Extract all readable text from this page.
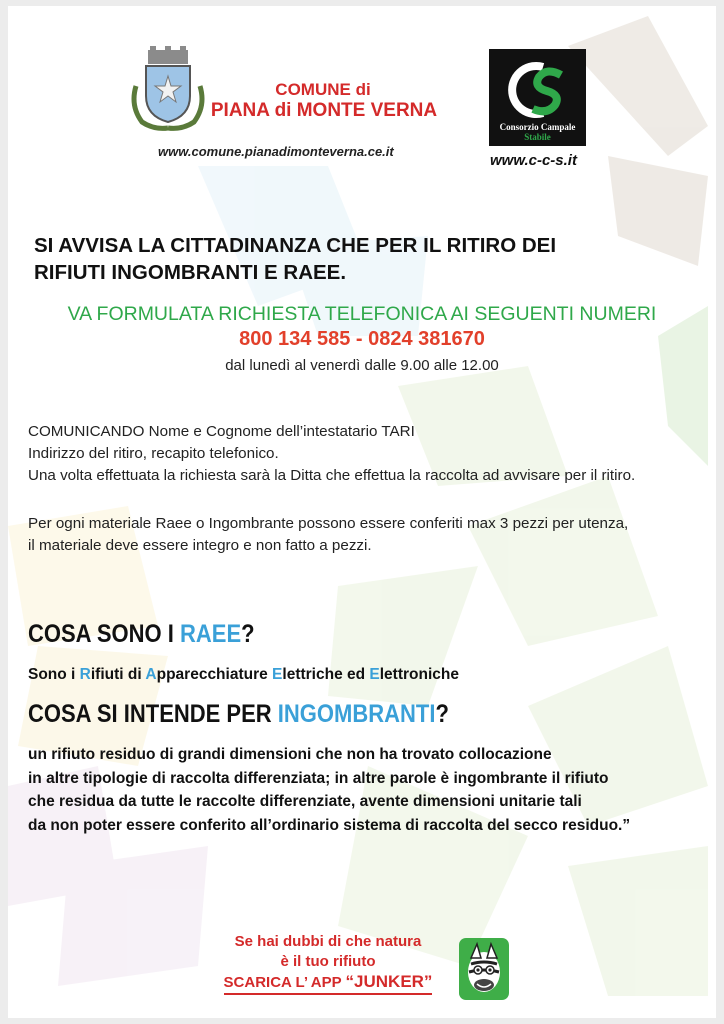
COMUNE di
PIANA di MONTE VERNA
www.comune.pianadimonteverna.ce.it
Consorzio Campale Stabile
www.c-c-s.it
SI AVVISA LA CITTADINANZA CHE PER IL RITIRO DEI
RIFIUTI INGOMBRANTI E RAEE.
VA FORMULATA RICHIESTA TELEFONICA AI SEGUENTI NUMERI
800 134 585 - 0824 381670
dal lunedì al venerdì dalle 9.00 alle 12.00
COMUNICANDO Nome e Cognome dell’intestatario TARI
Indirizzo del ritiro, recapito telefonico.
Una volta effettuata la richiesta sarà la Ditta che effettua la raccolta ad avvisare per il ritiro.
Per ogni materiale Raee o Ingombrante possono essere conferiti max 3 pezzi per utenza,
il materiale deve essere integro e non fatto a pezzi.
COSA SONO I RAEE?
Sono i Rifiuti di Apparecchiature Elettriche ed Elettroniche
COSA SI INTENDE PER INGOMBRANTI?
un rifiuto residuo di grandi dimensioni che non ha trovato collocazione
in altre tipologie di raccolta differenziata; in altre parole è ingombrante il rifiuto
che residua da tutte le raccolte differenziate, avente dimensioni unitarie tali
da non poter essere conferito all’ordinario sistema di raccolta del secco residuo.”
Se hai dubbi di che natura
è il tuo rifiuto
SCARICA L’ APP “JUNKER”
